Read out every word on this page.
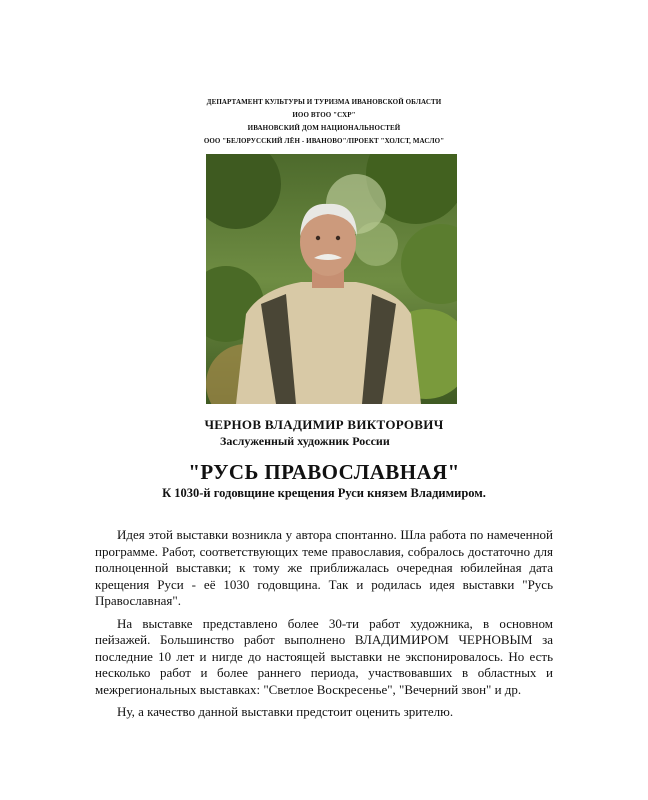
ДЕПАРТАМЕНТ КУЛЬТУРЫ И ТУРИЗМА ИВАНОВСКОЙ ОБЛАСТИ
ИОО ВТОО "СХР"
ИВАНОВСКИЙ ДОМ НАЦИОНАЛЬНОСТЕЙ
ООО "БЕЛОРУССКИЙ ЛЁН - ИВАНОВО"/ПРОЕКТ "ХОЛСТ, МАСЛО"
ЧЕРНОВ ВЛАДИМИР ВИКТОРОВИЧ
Заслуженный художник России
"РУСЬ ПРАВОСЛАВНАЯ"
К 1030-й годовщине крещения Руси князем Владимиром.

Идея этой выставки возникла у автора спонтанно. Шла работа по намеченной программе. Работ, соответствующих теме православия, собралось достаточно для полноценной выставки; к тому же приближалась очередная юбилейная дата крещения Руси - её 1030 годовщина. Так и родилась идея выставки "Русь Православная".

На выставке представлено более 30-ти работ художника, в основном пейзажей. Большинство работ выполнено ВЛАДИМИРОМ ЧЕРНОВЫМ за последние 10 лет и нигде до настоящей выставки не экспонировалось. Но есть несколько работ и более раннего периода, участвовавших в областных и межрегиональных выставках: "Светлое Воскресенье", "Вечерний звон" и др.

Ну, а качество данной выставки предстоит оценить зрителю.
